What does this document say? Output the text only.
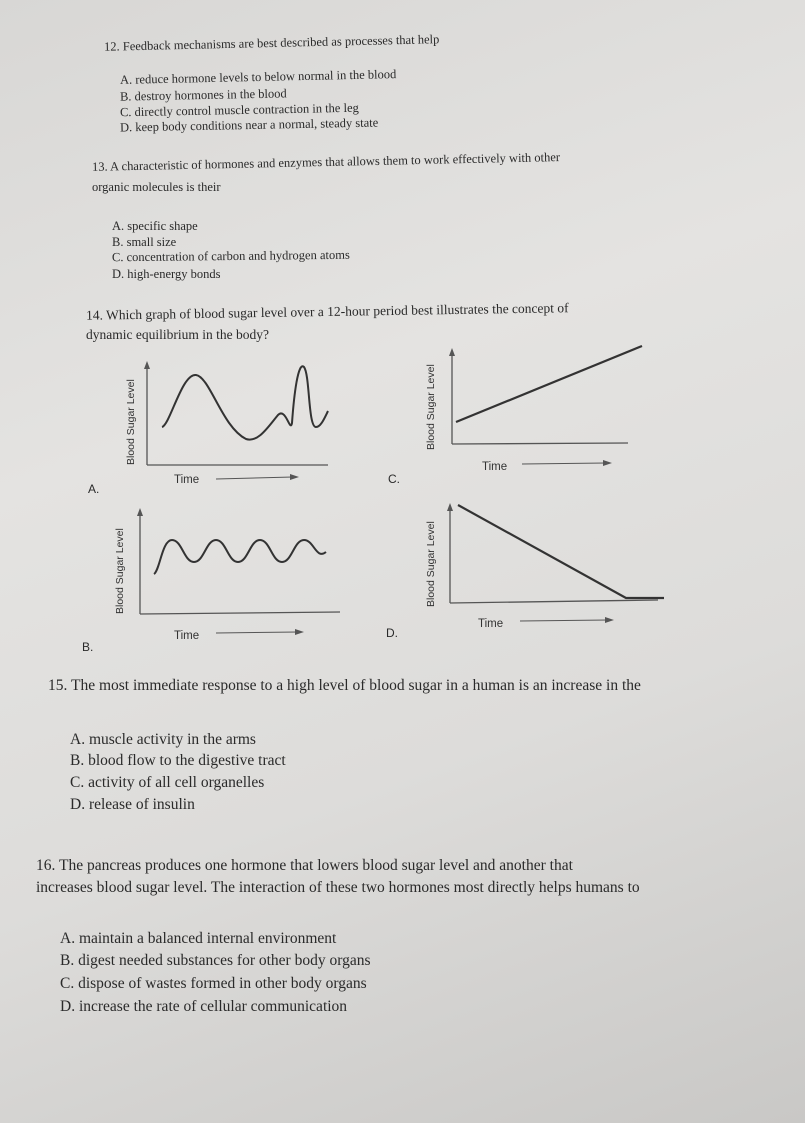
12. Feedback mechanisms are best described as processes that help
A. reduce hormone levels to below normal in the blood
B. destroy hormones in the blood
C. directly control muscle contraction in the leg
D. keep body conditions near a normal, steady state
13. A characteristic of hormones and enzymes that allows them to work effectively with other
organic molecules is their
A. specific shape
B. small size
C. concentration of carbon and hydrogen atoms
D. high-energy bonds
14. Which graph of blood sugar level over a 12-hour period best illustrates the concept of
dynamic equilibrium in the body?
Blood Sugar Level
Time
A.
Blood Sugar Level
Time
B.
Blood Sugar Level
Time
C.
Blood Sugar Level
Time
D.
15. The most immediate response to a high level of blood sugar in a human is an increase in the
A. muscle activity in the arms
B. blood flow to the digestive tract
C. activity of all cell organelles
D. release of insulin
16. The pancreas produces one hormone that lowers blood sugar level and another that
increases blood sugar level. The interaction of these two hormones most directly helps humans to
A. maintain a balanced internal environment
B. digest needed substances for other body organs
C. dispose of wastes formed in other body organs
D. increase the rate of cellular communication
